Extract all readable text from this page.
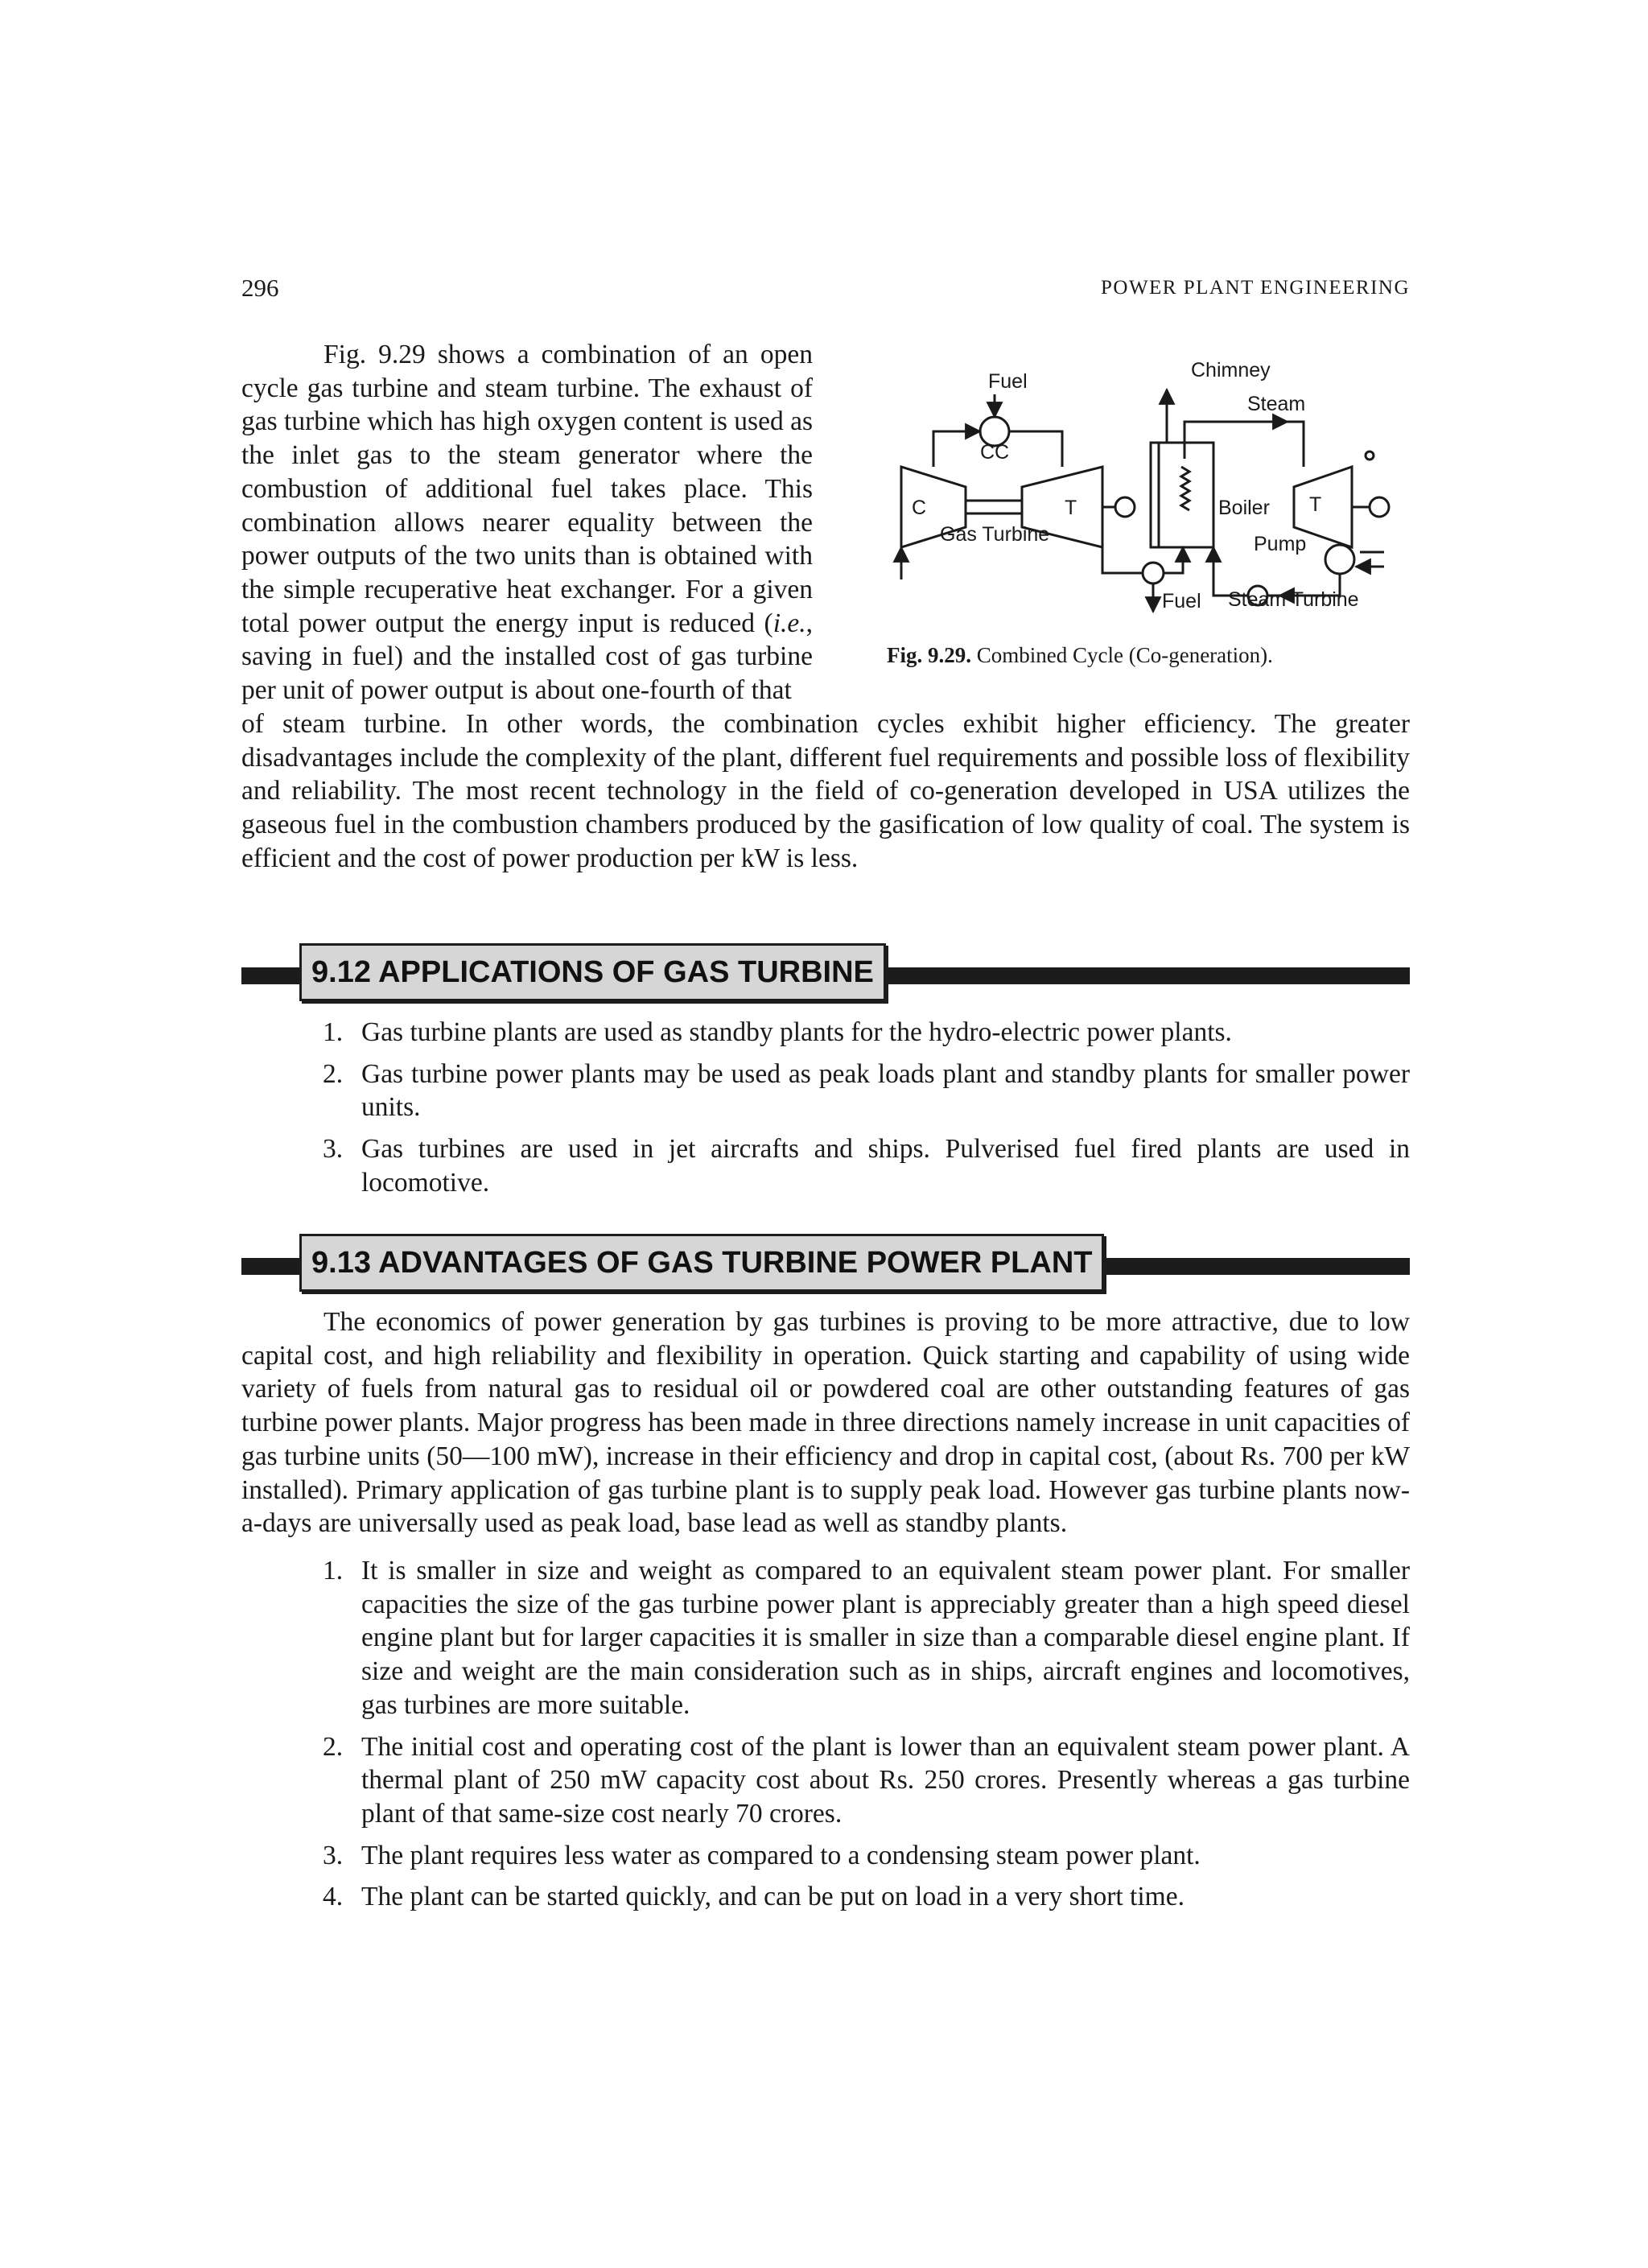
296	POWER PLANT ENGINEERING

Fig. 9.29 shows a combination of an open cycle gas turbine and steam turbine. The exhaust of gas turbine which has high oxygen content is used as the inlet gas to the steam generator where the combustion of additional fuel takes place. This combination allows nearer equality between the power outputs of the two units than is obtained with the simple recuperative heat exchanger. For a given total power output the energy input is reduced (i.e., saving in fuel) and the installed cost of gas turbine per unit of power output is about one-fourth of that

Fuel	Chimney
Steam
CC
C	T	Boiler T
Gas Turbine	Pump
Fuel Steam Turbine
Fig. 9.29. Combined Cycle (Co-generation).

of steam turbine. In other words, the combination cycles exhibit higher efficiency. The greater disadvantages include the complexity of the plant, different fuel requirements and possible loss of flexibility and reliability. The most recent technology in the field of co-generation developed in USA utilizes the gaseous fuel in the combustion chambers produced by the gasification of low quality of coal. The system is efficient and the cost of power production per kW is less.

9.12 APPLICATIONS OF GAS TURBINE
1. Gas turbine plants are used as standby plants for the hydro-electric power plants.
2. Gas turbine power plants may be used as peak loads plant and standby plants for smaller power units.
3. Gas turbines are used in jet aircrafts and ships. Pulverised fuel fired plants are used in locomotive.
9.13 ADVANTAGES OF GAS TURBINE POWER PLANT

The economics of power generation by gas turbines is proving to be more attractive, due to low capital cost, and high reliability and flexibility in operation. Quick starting and capability of using wide variety of fuels from natural gas to residual oil or powdered coal are other outstanding features of gas turbine power plants. Major progress has been made in three directions namely increase in unit capacities of gas turbine units (50—100 mW), increase in their efficiency and drop in capital cost, (about Rs. 700 per kW installed). Primary application of gas turbine plant is to supply peak load. However gas turbine plants now-a-days are universally used as peak load, base lead as well as standby plants.

1. It is smaller in size and weight as compared to an equivalent steam power plant. For smaller capacities the size of the gas turbine power plant is appreciably greater than a high speed diesel engine plant but for larger capacities it is smaller in size than a comparable diesel engine plant. If size and weight are the main consideration such as in ships, aircraft engines and locomotives, gas turbines are more suitable.
2. The initial cost and operating cost of the plant is lower than an equivalent steam power plant. A thermal plant of 250 mW capacity cost about Rs. 250 crores. Presently whereas a gas turbine plant of that same-size cost nearly 70 crores.
3. The plant requires less water as compared to a condensing steam power plant.
4. The plant can be started quickly, and can be put on load in a very short time.
